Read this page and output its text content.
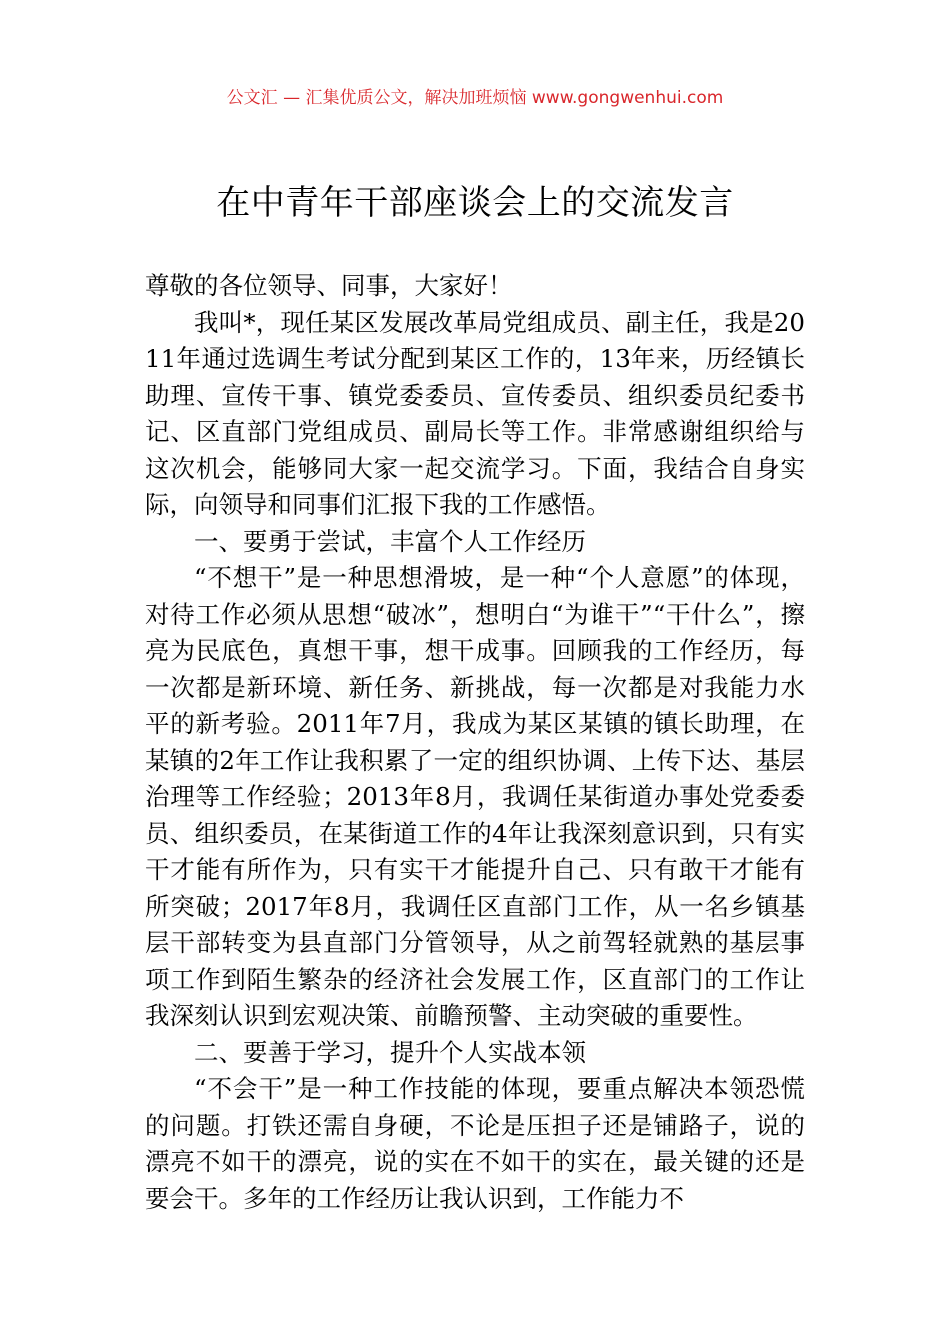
公文汇 — 汇集优质公文，解决加班烦恼 www.gongwenhui.com
在中青年干部座谈会上的交流发言

尊敬的各位领导、同事，大家好！

我叫*，现任某区发展改革局党组成员、副主任，我是2011年通过选调生考试分配到某区工作的，13年来，历经镇长助理、宣传干事、镇党委委员、宣传委员、组织委员纪委书记、区直部门党组成员、副局长等工作。非常感谢组织给与这次机会，能够同大家一起交流学习。下面，我结合自身实际，向领导和同事们汇报下我的工作感悟。

一、要勇于尝试，丰富个人工作经历

“不想干”是一种思想滑坡，是一种“个人意愿”的体现，对待工作必须从思想“破冰”，想明白“为谁干”“干什么”，擦亮为民底色，真想干事，想干成事。回顾我的工作经历，每一次都是新环境、新任务、新挑战，每一次都是对我能力水平的新考验。2011年7月，我成为某区某镇的镇长助理，在某镇的2年工作让我积累了一定的组织协调、上传下达、基层治理等工作经验；2013年8月，我调任某街道办事处党委委员、组织委员，在某街道工作的4年让我深刻意识到，只有实干才能有所作为，只有实干才能提升自己、只有敢干才能有所突破；2017年8月，我调任区直部门工作，从一名乡镇基层干部转变为县直部门分管领导，从之前驾轻就熟的基层事项工作到陌生繁杂的经济社会发展工作，区直部门的工作让我深刻认识到宏观决策、前瞻预警、主动突破的重要性。

二、要善于学习，提升个人实战本领

“不会干”是一种工作技能的体现，要重点解决本领恐慌的问题。打铁还需自身硬，不论是压担子还是铺路子，说的漂亮不如干的漂亮，说的实在不如干的实在，最关键的还是要会干。多年的工作经历让我认识到，工作能力不
